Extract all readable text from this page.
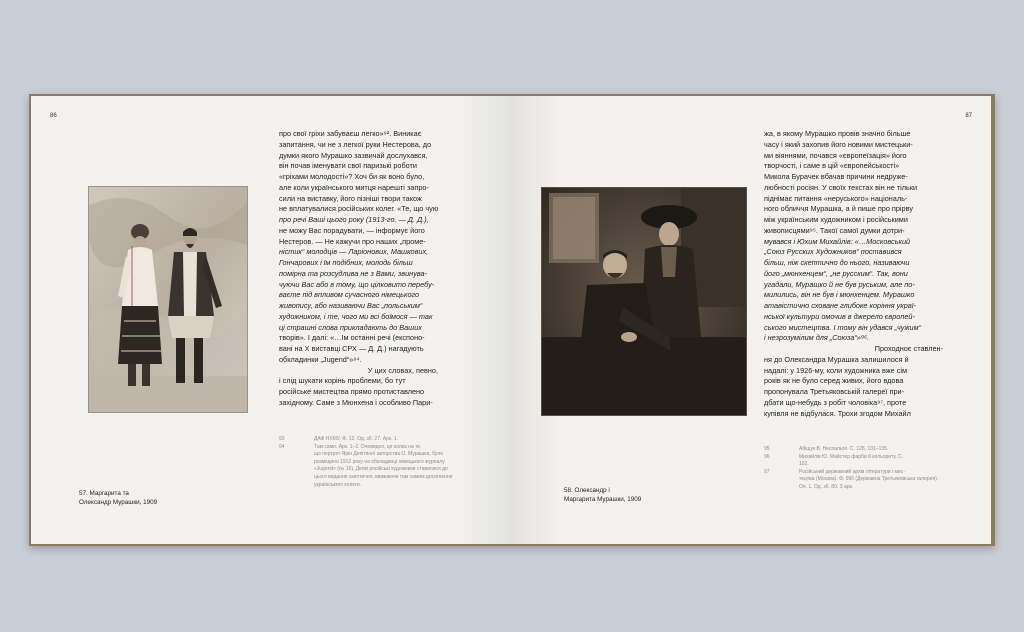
86
57. Маргарита та
Олександр Мурашки, 1909
про свої гріхи забуваєш легко»⁹². Виникає
запитання, чи не з легкої руки Нестерова, до
думки якого Мурашко зазвичай дослухався,
він почав іменувати свої паризькі роботи
«гріхами молодості»? Хоч би як воно було,
але коли українського митця нарешті запро-
сили на виставку, його пізніші твори також
не вплатувалися російських колег. «Те, що чую
про речі Ваші цього року (1913-го. — Д. Д.),
не можу Вас порадувати, — інформує його
Нестеров. — Не кажучи про наших „проме-
ністик“ молодців — Ларіонових, Машкових,
Гончарових і їм подібних, молодь більш
помірна та розсудлива не з Вами, звинува-
чуючи Вас або в тому, що цілковито перебу-
ваєте під впливом сучасного німецького
живопису, або називаючи Вас „польським“
художником, і те, чого ми всі боїмося — так
ці страшні слова прикладають до Ваших
творів». І далі: «…Ім останні речі (експоно-
вані на Х виставці СРХ — Д. Д.) нагадують
обкладинки „Jugend“»⁹⁴.
У цих словах, певно,
і слід шукати корінь проблеми, бо тут
російське мистецтва прямо протиставлено
західному. Саме з Мюнхена і особливо Пари-
93	ДАФ НХМУ. Ф. 12. Од. зб. 27. Арк. 1.
94	Там само. Арк. 1–2. Очевидно, ця колка на те,
що портрет Ярін Депітяної авторства О. Мурашка, було
розміщено 1912 року на обкладинці німецького журналу
«Jugend» (№ 16). Деякі російські художники ставилися до
цього видання скептично, вважаючи там самим досягнення
українського колеги.
87
58. Олександр і
Маргарита Мурашки, 1909
жа, в якому Мурашко провів значно більше
часу і який захопив його новими мистецьки-
ми віяннями, почався «європеїзація» його
творчості, і саме в цій «європейськості»
Микола Бурачек вбачав причини недруже-
любності росіян. У своїх текстах він не тільки
піднімає питання «неруського» національ-
ного обличчя Мурашка, а й пише про прірву
між українським художником і російськими
живописцями⁹⁵. Такої самої думки дотри-
мувався і Юхим Михайлів: «…Московський
„Союз Русских Художников“ поставився
більш, ніж скептично до нього, називаючи
його „мюнхенцем“, „не русским“. Так, вони
угадали, Мурашко й не був руським, але по-
милились, він не був і мюнхенцем. Мурашко
атавістично сховане глибоке коріння украї-
нської культури омочив в джерело європей-
ського мистецтва. І тому він удався „чужим“
і незрозумілим для „Союза“»⁹⁶.
Проходноє ставлен-
ня до Олександра Мурашка залишилося й
надалі: у 1926-му, коли художника вже сім
років як не було серед живих, його вдова
пропонувала Третьяковській галереї при-
дбати що-небудь з робіт чоловіка⁹⁷, проте
купівля не відбулася. Трохи згодом Михайл
95	Абіщук В. Неспальте. С. 128, 131–135.
96	Михайлів Ю. Майстер фарби й кольориту. С.
152.
97	Російський державний архів літератури і мис-
тецтва (Москва). Ф. 990 (Державна Третьяковська галерея).
Оп. 1. Од. зб. 80. З арк.
